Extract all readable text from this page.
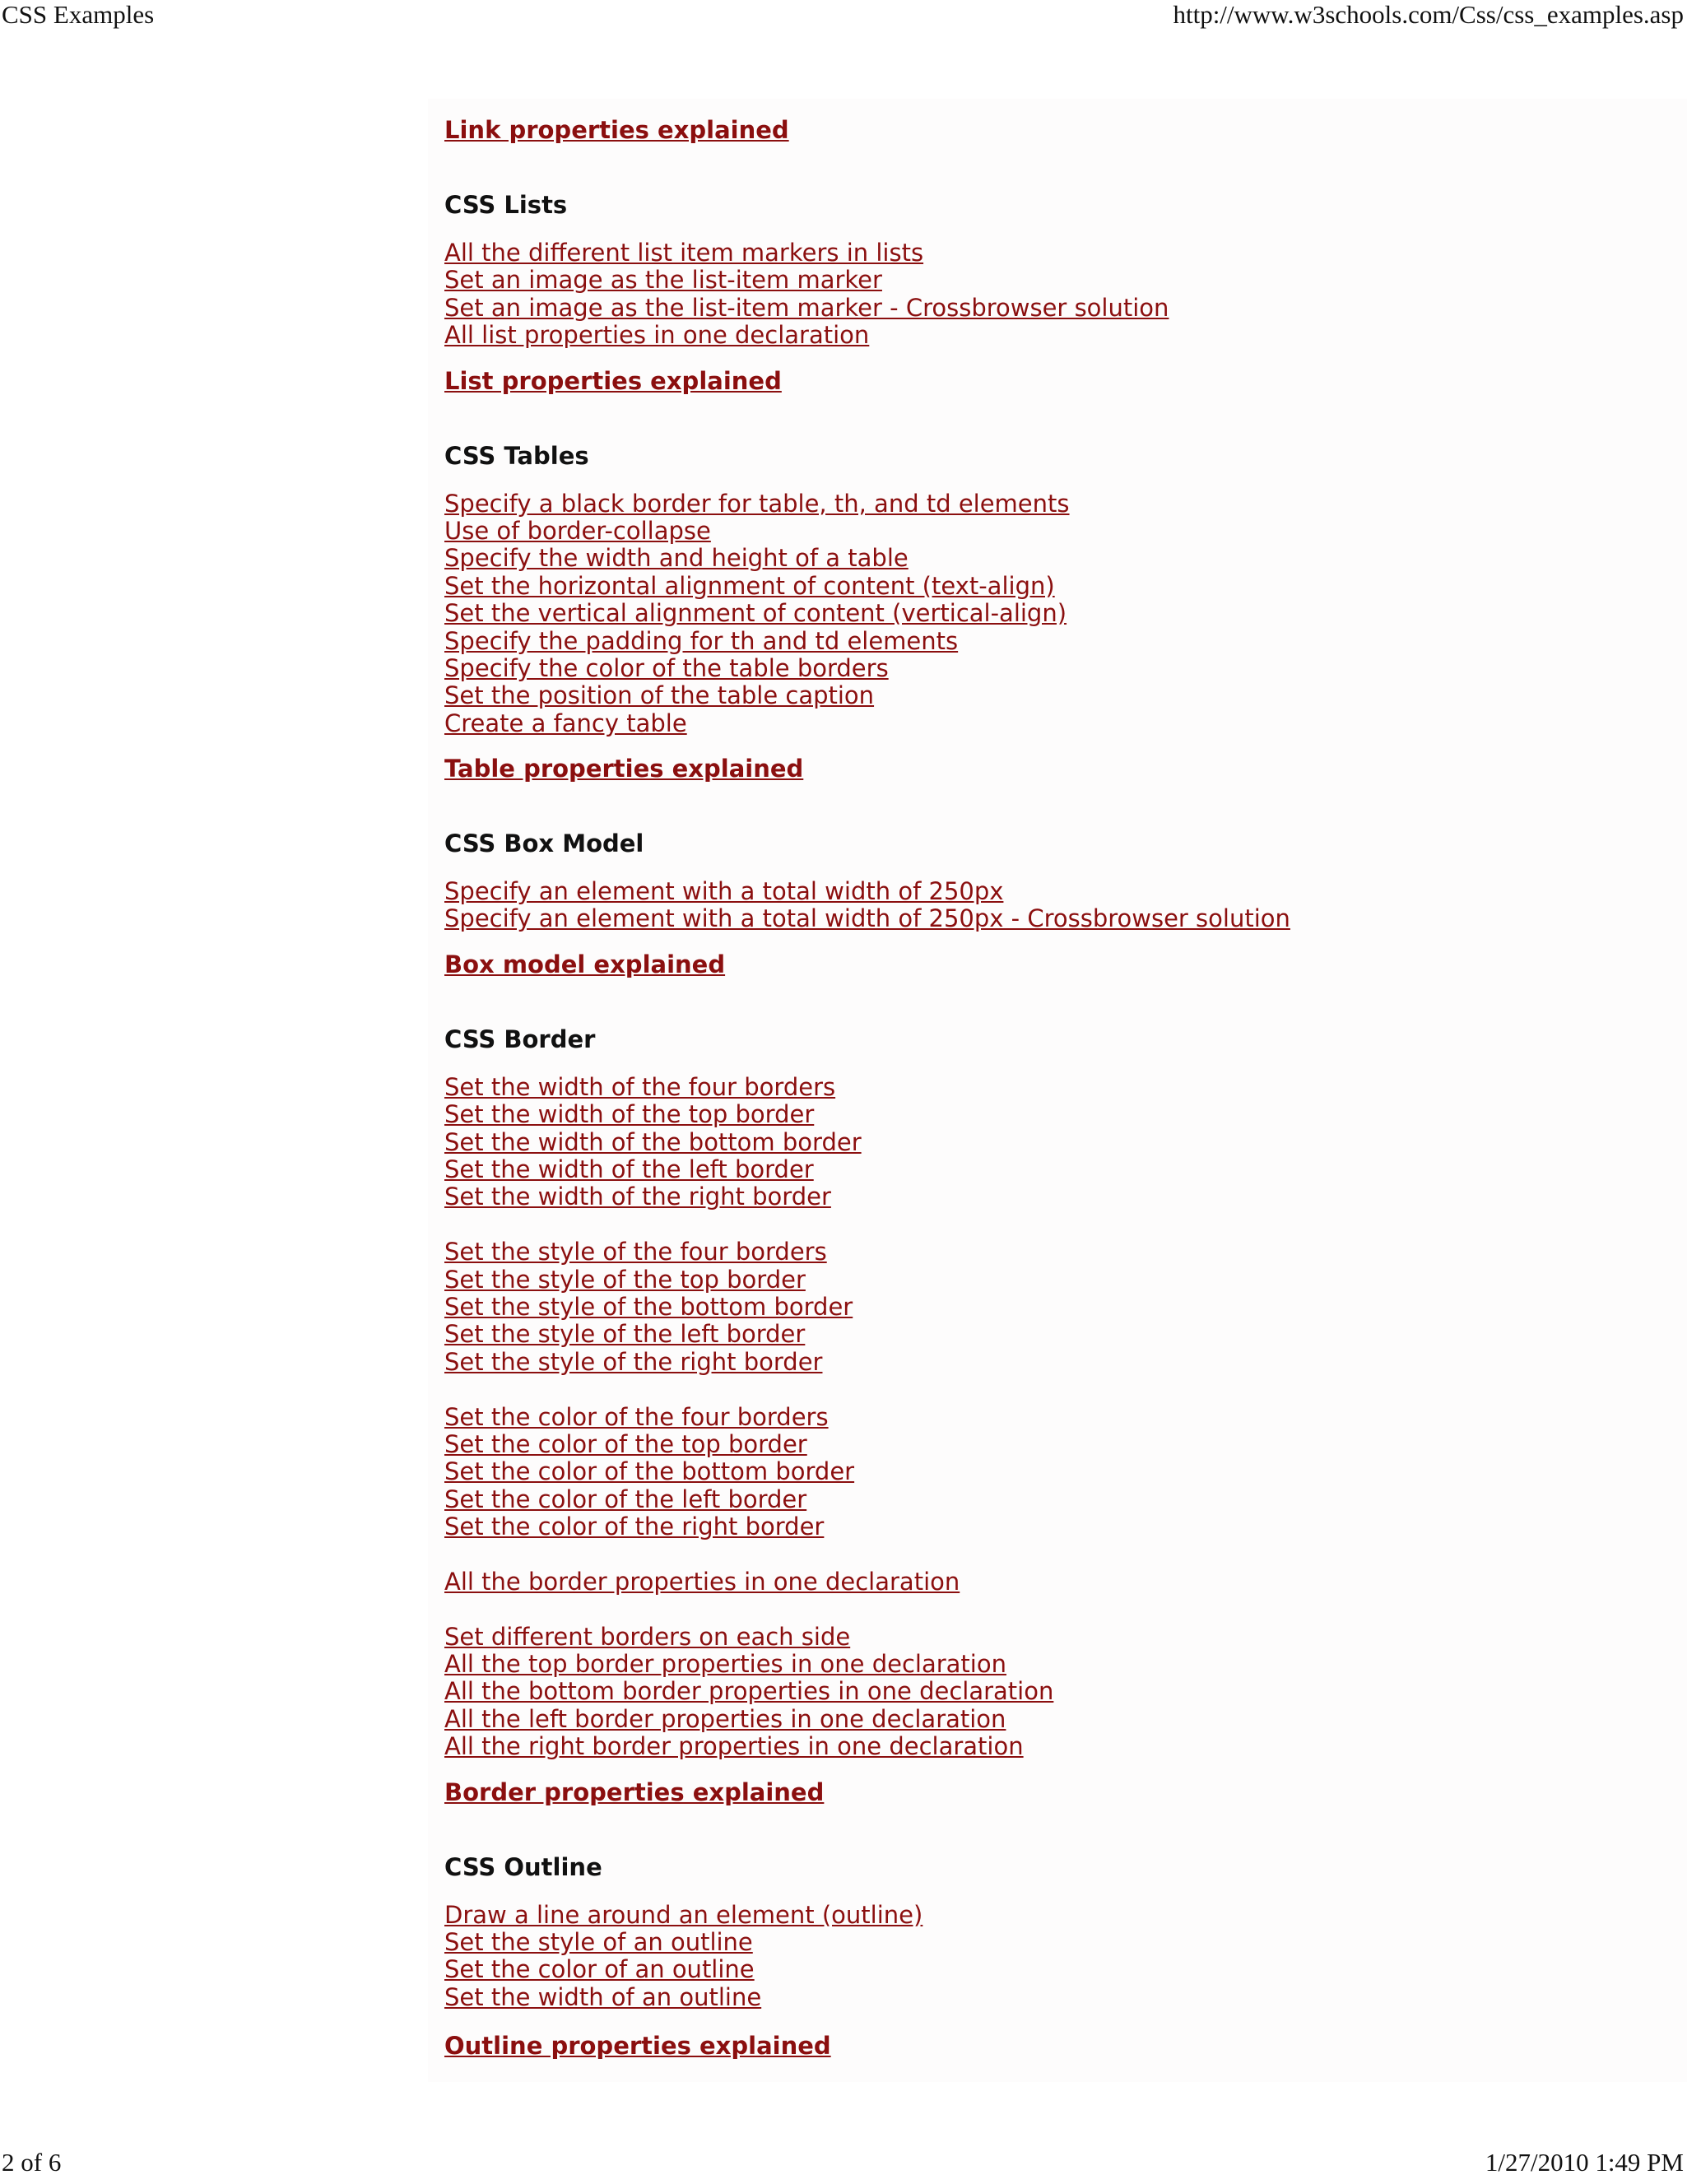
CSS Examples	http://www.w3schools.com/Css/css_examples.asp
Link properties explained
CSS Lists
All the different list item markers in lists
Set an image as the list-item marker
Set an image as the list-item marker - Crossbrowser solution
All list properties in one declaration
List properties explained
CSS Tables
Specify a black border for table, th, and td elements
Use of border-collapse
Specify the width and height of a table
Set the horizontal alignment of content (text-align)
Set the vertical alignment of content (vertical-align)
Specify the padding for th and td elements
Specify the color of the table borders
Set the position of the table caption
Create a fancy table
Table properties explained
CSS Box Model
Specify an element with a total width of 250px
Specify an element with a total width of 250px - Crossbrowser solution
Box model explained
CSS Border
Set the width of the four borders
Set the width of the top border
Set the width of the bottom border
Set the width of the left border
Set the width of the right border
Set the style of the four borders
Set the style of the top border
Set the style of the bottom border
Set the style of the left border
Set the style of the right border
Set the color of the four borders
Set the color of the top border
Set the color of the bottom border
Set the color of the left border
Set the color of the right border
All the border properties in one declaration
Set different borders on each side
All the top border properties in one declaration
All the bottom border properties in one declaration
All the left border properties in one declaration
All the right border properties in one declaration
Border properties explained
CSS Outline
Draw a line around an element (outline)
Set the style of an outline
Set the color of an outline
Set the width of an outline
Outline properties explained
2 of 6	1/27/2010 1:49 PM
